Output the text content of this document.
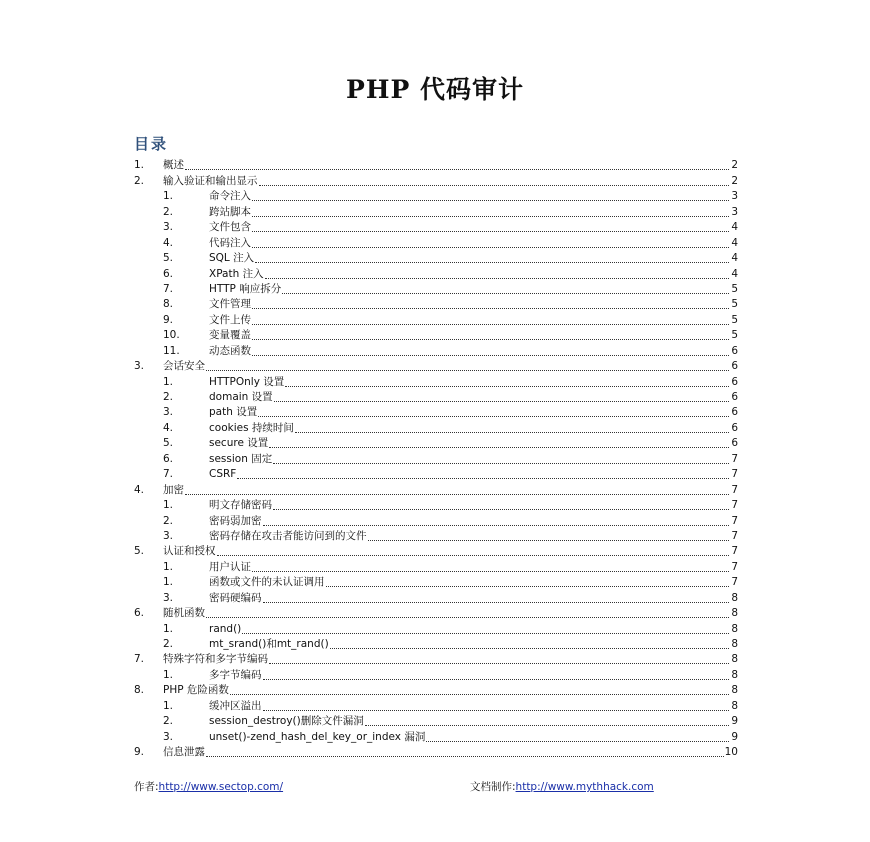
PHP 代码审计
目录
1.	概述	2
2.	输入验证和输出显示	2
1.	命令注入	3
2.	跨站脚本	3
3.	文件包含	4
4.	代码注入	4
5.	SQL 注入	4
6.	XPath 注入	4
7.	HTTP 响应拆分	5
8.	文件管理	5
9.	文件上传	5
10.	变量覆盖	5
11.	动态函数	6
3.	会话安全	6
1.	HTTPOnly 设置	6
2.	domain 设置	6
3.	path 设置	6
4.	cookies 持续时间	6
5.	secure 设置	6
6.	session 固定	7
7.	CSRF	7
4.	加密	7
1.	明文存储密码	7
2.	密码弱加密	7
3.	密码存储在攻击者能访问到的文件	7
5.	认证和授权	7
1.	用户认证	7
1.	函数或文件的未认证调用	7
3.	密码硬编码	8
6.	随机函数	8
1.	rand()	8
2.	mt_srand()和mt_rand()	8
7.	特殊字符和多字节编码	8
1.	多字节编码	8
8.	PHP 危险函数	8
1.	缓冲区溢出	8
2.	session_destroy()删除文件漏洞	9
3.	unset()-zend_hash_del_key_or_index 漏洞	9
9.	信息泄露	10
作者:http://www.sectop.com/	文档制作:http://www.mythhack.com
